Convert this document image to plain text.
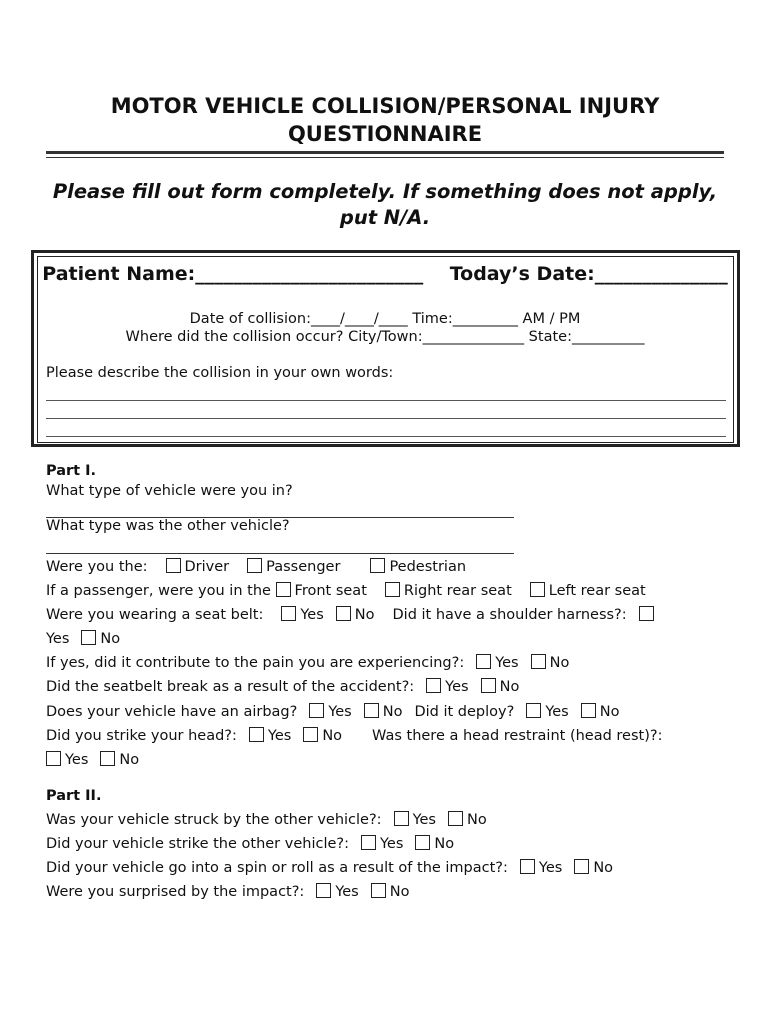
MOTOR VEHICLE COLLISION/PERSONAL INJURY QUESTIONNAIRE
Please fill out form completely. If something does not apply, put N/A.
Patient Name:________________________ Today’s Date:______________
Date of collision:____/____/____ Time:_________ AM / PM
Where did the collision occur? City/Town:______________ State:__________
Please describe the collision in your own words:
Part I.
What type of vehicle were you in?
What type was the other vehicle?
Were you the:	Driver	Passenger	Pedestrian
If a passenger, were you in the Front seat	Right rear seat	Left rear seat
Were you wearing a seat belt:	Yes No Did it have a shoulder harness?:
Yes No
If yes, did it contribute to the pain you are experiencing?: Yes No
Did the seatbelt break as a result of the accident?: Yes No
Does your vehicle have an airbag? Yes No Did it deploy? Yes No
Did you strike your head?: Yes No Was there a head restraint (head rest)?:
Yes No
Part II.
Was your vehicle struck by the other vehicle?: Yes No
Did your vehicle strike the other vehicle?: Yes No
Did your vehicle go into a spin or roll as a result of the impact?: Yes No
Were you surprised by the impact?: Yes No
